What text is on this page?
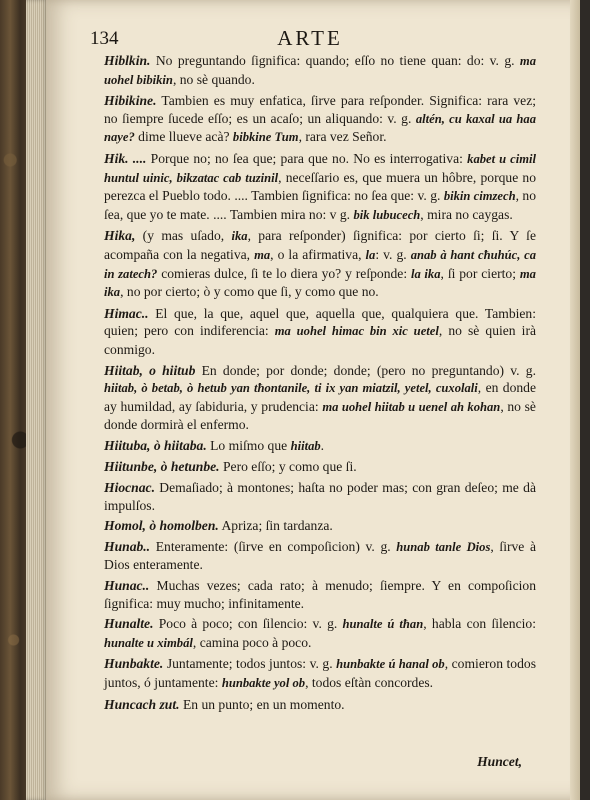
134	ARTE

Hiblkin. No preguntando ſignifica: quando; eſſo no tiene quan: do: v. g. ma uohel bibikin, no sè quando.

Hibikine. Tambien es muy enfatica, ſirve para reſponder. Significa: rara vez; no ſiempre ſucede eſſo; es un acaſo; un aliquando: v. g. altén, cu kaxal ua haa naye? dime llueve acà? bibkine Tum, rara vez Señor.

Hik. .... Porque no; no ſea que; para que no. No es interrogativa: kabet u cimil huntul uinic, bikzatac cab tuzinil, neceſſario es, que muera un hôbre, porque no perezca el Pueblo todo. .... Tambien ſignifica: no ſea que: v. g. bikin cimzech, no ſea, que yo te mate. .... Tambien mira no: v g. bik lubucech, mira no caygas.

Hika, (y mas uſado, ika, para reſponder) ſignifica: por cierto ſi; ſi. Y ſe acompaña con la negativa, ma, o la afirmativa, la: v. g. anab à hant cħuhúc, ca in zatech? comieras dulce, ſi te lo diera yo? y reſponde: la ika, ſi por cierto; ma ika, no por cierto; ò y como que ſi, y como que no.

Himac.. El que, la que, aquel que, aquella que, qualquiera que. Tambien: quien; pero con indiferencia: ma uohel himac bin xic uetel, no sè quien irà conmigo.

Hiitab, o hiitub En donde; por donde; donde; (pero no preguntando) v. g. hiitab, ò betab, ò hetub yan tħontanile, ti ix yan miatzil, yetel, cuxolali, en donde ay humildad, ay ſabiduria, y prudencia: ma uohel hiitab u uenel ah kohan, no sè donde dormirà el enfermo.

Hiituba, ò hiitaba. Lo miſmo que hiitab.

Hiitunbe, ò hetunbe. Pero eſſo; y como que ſi.

Hiocnac. Demaſiado; à montones; haſta no poder mas; con gran deſeo; me dà impulſos.

Homol, ò homolben. Apriza; ſin tardanza.

Hunab.. Enteramente: (ſirve en compoſicion) v. g. hunab tanle Dios, ſirve à Dios enteramente.

Hunac.. Muchas vezes; cada rato; à menudo; ſiempre. Y en compoſicion ſignifica: muy mucho; infinitamente.

Hunalte. Poco à poco; con ſilencio: v. g. hunalte ú tħan, habla con ſilencio: hunalte u ximbál, camina poco à poco.

Hunbakte. Juntamente; todos juntos: v. g. hunbakte ú hanal ob, comieron todos juntos, ó juntamente: hunbakte yol ob, todos eſtàn concordes.

Huncach zut. En un punto; en un momento.

Huncet,
